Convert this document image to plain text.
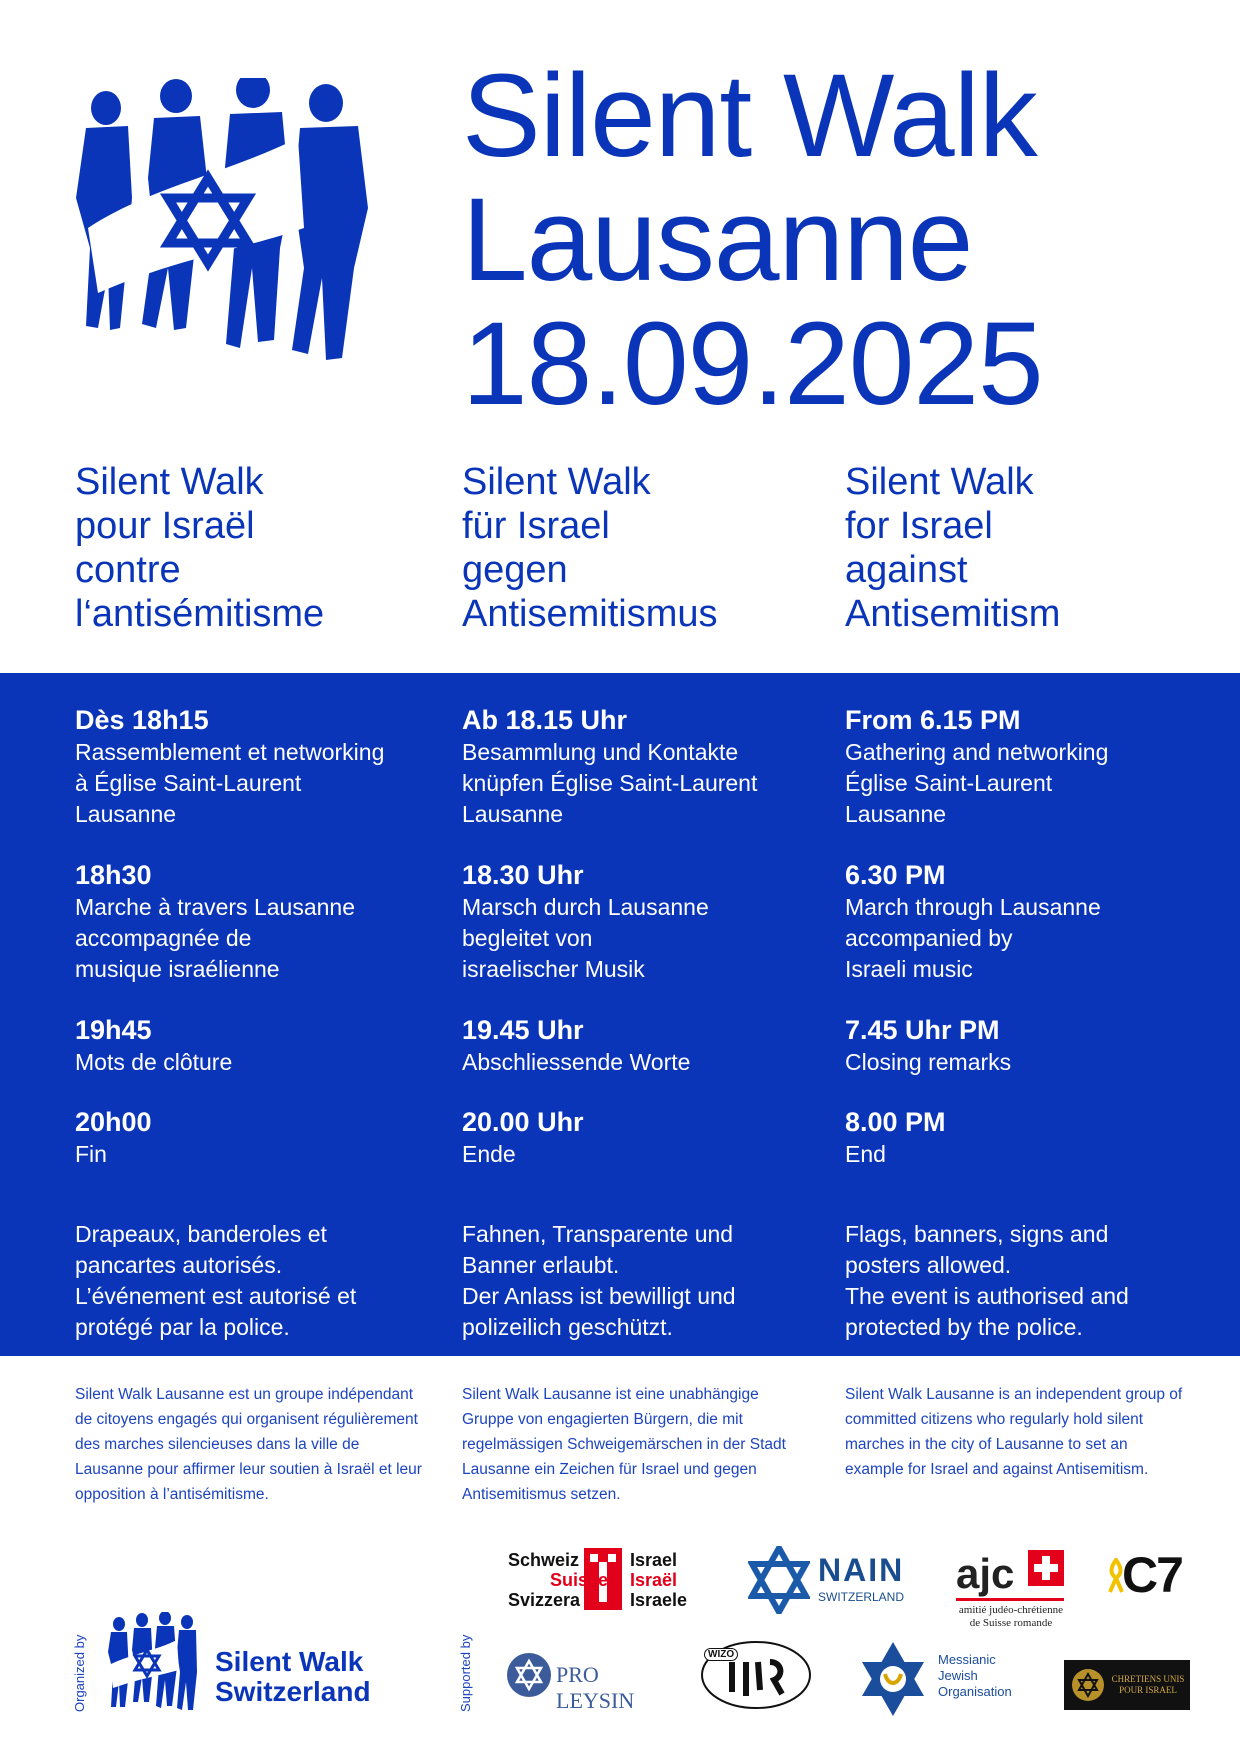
Silent Walk
Lausanne
18.09.2025
Silent Walk
pour Israël
contre
l‘antisémitisme
Silent Walk
für Israel
gegen
Antisemitismus
Silent Walk
for Israel
against
Antisemitism
Dès 18h15
Rassemblement et networking
à Église Saint-Laurent
Lausanne
18h30
Marche à travers Lausanne
accompagnée de
musique israélienne
19h45
Mots de clôture
20h00
Fin
Drapeaux, banderoles et
pancartes autorisés.
L’événement est autorisé et
protégé par la police.
Ab 18.15 Uhr
Besammlung und Kontakte
knüpfen Église Saint-Laurent
Lausanne
18.30 Uhr
Marsch durch Lausanne
begleitet von
israelischer Musik
19.45 Uhr
Abschliessende Worte
20.00 Uhr
Ende
Fahnen, Transparente und
Banner erlaubt.
Der Anlass ist bewilligt und
polizeilich geschützt.
From 6.15 PM
Gathering and networking
Église Saint-Laurent
Lausanne
6.30 PM
March through Lausanne
accompanied by
Israeli music
7.45 Uhr PM
Closing remarks
8.00 PM
End
Flags, banners, signs and
posters allowed.
The event is authorised and
protected by the police.
Silent Walk Lausanne est un groupe indépendant de citoyens engagés qui organisent régulièrement des marches silencieuses dans la ville de Lausanne pour affirmer leur soutien à Israël et leur opposition à l’antisémitisme.
Silent Walk Lausanne ist eine unabhängige Gruppe von engagierten Bürgern, die mit regelmässigen Schweigemärschen in der Stadt Lausanne ein Zeichen für Israel und gegen Antisemitismus setzen.
Silent Walk Lausanne is an independent group of committed citizens who regularly hold silent marches in the city of Lausanne to set an example for Israel and against Antisemitism.
Organized by	Silent Walk
Switzerland	Supported by
Schweiz	Israel
Suisse Israël
Svizzera	Israele
NAIN
SWITZERLAND ajc
amitié judéo-chrétienne
de Suisse romande
C7
PRO LEYSIN
WIZO	Messianic
Jewish
Organisation
CHRETIENS UNIS
POUR ISRAEL
